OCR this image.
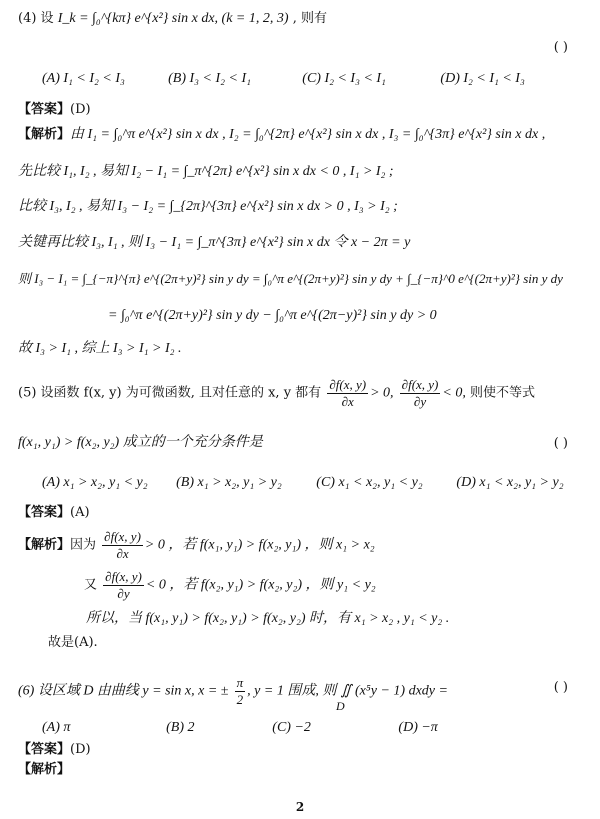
(4) 设 I_k = ∫₀^{kπ} e^{x²} sin x dx, (k = 1, 2, 3) , 则有
( )
(A) I₁ < I₂ < I₃	(B) I₃ < I₂ < I₁	(C) I₂ < I₃ < I₁	(D) I₂ < I₁ < I₃
【答案】(D)
【解析】由 I₁ = ∫₀^π e^{x²} sin x dx , I₂ = ∫₀^{2π} e^{x²} sin x dx , I₃ = ∫₀^{3π} e^{x²} sin x dx ,
先比较 I₁, I₂ , 易知 I₂ − I₁ = ∫_π^{2π} e^{x²} sin x dx < 0 , I₁ > I₂ ;
比较 I₃, I₂ , 易知 I₃ − I₂ = ∫_{2π}^{3π} e^{x²} sin x dx > 0 , I₃ > I₂ ;
关键再比较 I₃, I₁ , 则 I₃ − I₁ = ∫_π^{3π} e^{x²} sin x dx 令 x − 2π = y
则 I₃ − I₁ = ∫_{−π}^{π} e^{(2π+y)²} sin y dy = ∫₀^π e^{(2π+y)²} sin y dy + ∫_{−π}^0 e^{(2π+y)²} sin y dy
= ∫₀^π e^{(2π+y)²} sin y dy − ∫₀^π e^{(2π−y)²} sin y dy > 0
故 I₃ > I₁ , 综上 I₃ > I₁ > I₂ .
(5) 设函数 f(x, y) 为可微函数, 且对任意的 x, y 都有 $\frac{\partial f(x, y)}{\partial x} > 0$, $\frac{\partial f(x, y)}{\partial y} < 0$, 则使不等式
f(x₁, y₁) > f(x₂, y₂) 成立的一个充分条件是	( )
(A) x₁ > x₂, y₁ < y₂ (B) x₁ > x₂, y₁ > y₂ (C) x₁ < x₂, y₁ < y₂ (D) x₁ < x₂, y₁ > y₂
【答案】(A)
【解析】因为 $\frac{\partial f(x, y)}{\partial x} > 0$ ，若 f(x₁, y₁) > f(x₂, y₁) ，则 x₁ > x₂
又 $\frac{\partial f(x, y)}{\partial y} < 0$ ，若 f(x₂, y₁) > f(x₂, y₂) ，则 y₁ < y₂
所以，当 f(x₁, y₁) > f(x₂, y₁) > f(x₂, y₂) 时，有 x₁ > x₂ , y₁ < y₂ .
故是(A).
(6) 设区域 D 由曲线 y = sin x, x = ± $\frac{\pi}{2}$ , y = 1 围成, 则 ∬ (x⁵y − 1) dxdy =
D
( )
(A) π	(B) 2	(C) −2	(D) −π
【答案】(D)
【解析】
2
